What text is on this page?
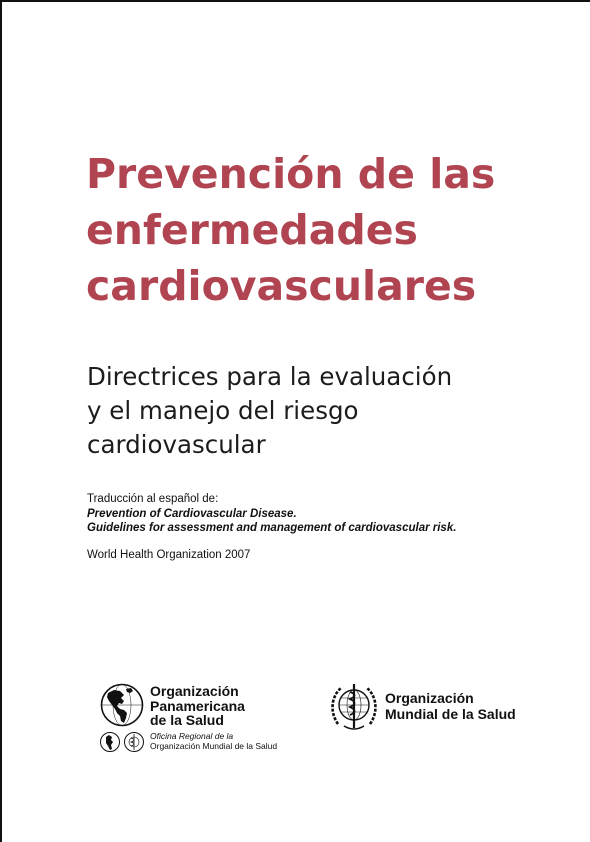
Prevención de las
enfermedades
cardiovasculares
Directrices para la evaluación
y el manejo del riesgo
cardiovascular
Traducción al español de:
Prevention of Cardiovascular Disease.
Guidelines for assessment and management of cardiovascular risk.
World Health Organization 2007
Organización
Panamericana
de la Salud
Oficina Regional de la
Organización Mundial de la Salud
Organización
Mundial de la Salud
